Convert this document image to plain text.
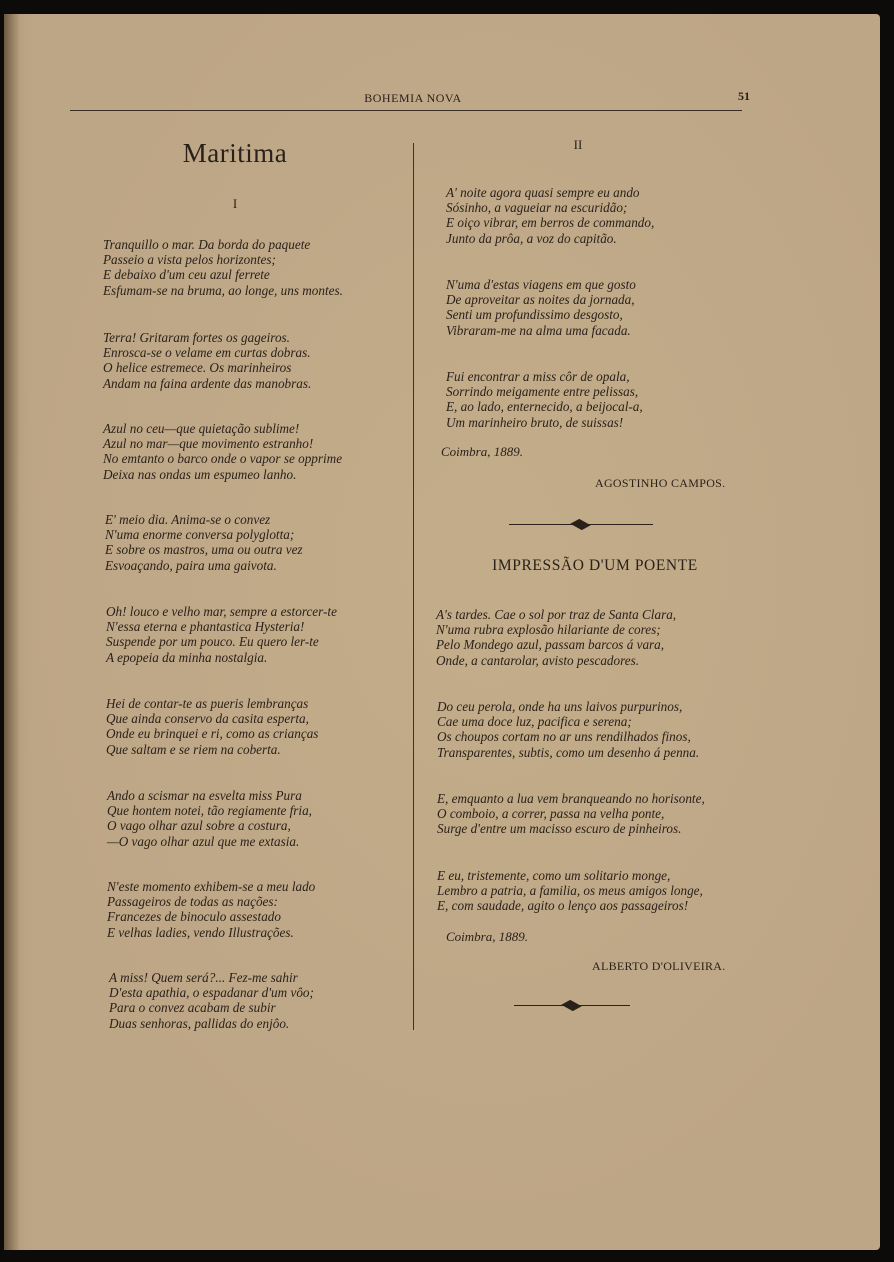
BOHEMIA NOVA	51
Maritima
I
Tranquillo o mar. Da borda do paquete
Passeio a vista pelos horizontes;
E debaixo d'um ceu azul ferrete
Esfumam-se na bruma, ao longe, uns montes.
Terra! Gritaram fortes os gageiros.
Enrosca-se o velame em curtas dobras.
O helice estremece. Os marinheiros
Andam na faina ardente das manobras.
Azul no ceu—que quietação sublime!
Azul no mar—que movimento estranho!
No emtanto o barco onde o vapor se opprime
Deixa nas ondas um espumeo lanho.
E' meio dia. Anima-se o convez
N'uma enorme conversa polyglotta;
E sobre os mastros, uma ou outra vez
Esvoaçando, paira uma gaivota.
Oh! louco e velho mar, sempre a estorcer-te
N'essa eterna e phantastica Hysteria!
Suspende por um pouco. Eu quero ler-te
A epopeia da minha nostalgia.
Hei de contar-te as pueris lembranças
Que ainda conservo da casita esperta,
Onde eu brinquei e ri, como as crianças
Que saltam e se riem na coberta.
Ando a scismar na esvelta miss Pura
Que hontem notei, tão regiamente fria,
O vago olhar azul sobre a costura,
—O vago olhar azul que me extasia.
N'este momento exhibem-se a meu lado
Passageiros de todas as nações:
Francezes de binoculo assestado
E velhas ladies, vendo Illustrações.
A miss! Quem será?... Fez-me sahir
D'esta apathia, o espadanar d'um vôo;
Para o convez acabam de subir
Duas senhoras, pallidas do enjôo.
II
A' noite agora quasi sempre eu ando
Sósinho, a vagueiar na escuridão;
E oiço vibrar, em berros de commando,
Junto da prôa, a voz do capitão.
N'uma d'estas viagens em que gosto
De aproveitar as noites da jornada,
Senti um profundissimo desgosto,
Vibraram-me na alma uma facada.
Fui encontrar a miss côr de opala,
Sorrindo meigamente entre pelissas,
E, ao lado, enternecido, a beijocal-a,
Um marinheiro bruto, de suissas!
Coimbra, 1889.
AGOSTINHO CAMPOS.
IMPRESSÃO D'UM POENTE
A's tardes. Cae o sol por traz de Santa Clara,
N'uma rubra explosão hilariante de cores;
Pelo Mondego azul, passam barcos á vara,
Onde, a cantarolar, avisto pescadores.
Do ceu perola, onde ha uns laivos purpurinos,
Cae uma doce luz, pacifica e serena;
Os choupos cortam no ar uns rendilhados finos,
Transparentes, subtis, como um desenho á penna.
E, emquanto a lua vem branqueando no horisonte,
O comboio, a correr, passa na velha ponte,
Surge d'entre um macisso escuro de pinheiros.
E eu, tristemente, como um solitario monge,
Lembro a patria, a familia, os meus amigos longe,
E, com saudade, agito o lenço aos passageiros!
Coimbra, 1889.
ALBERTO D'OLIVEIRA.
